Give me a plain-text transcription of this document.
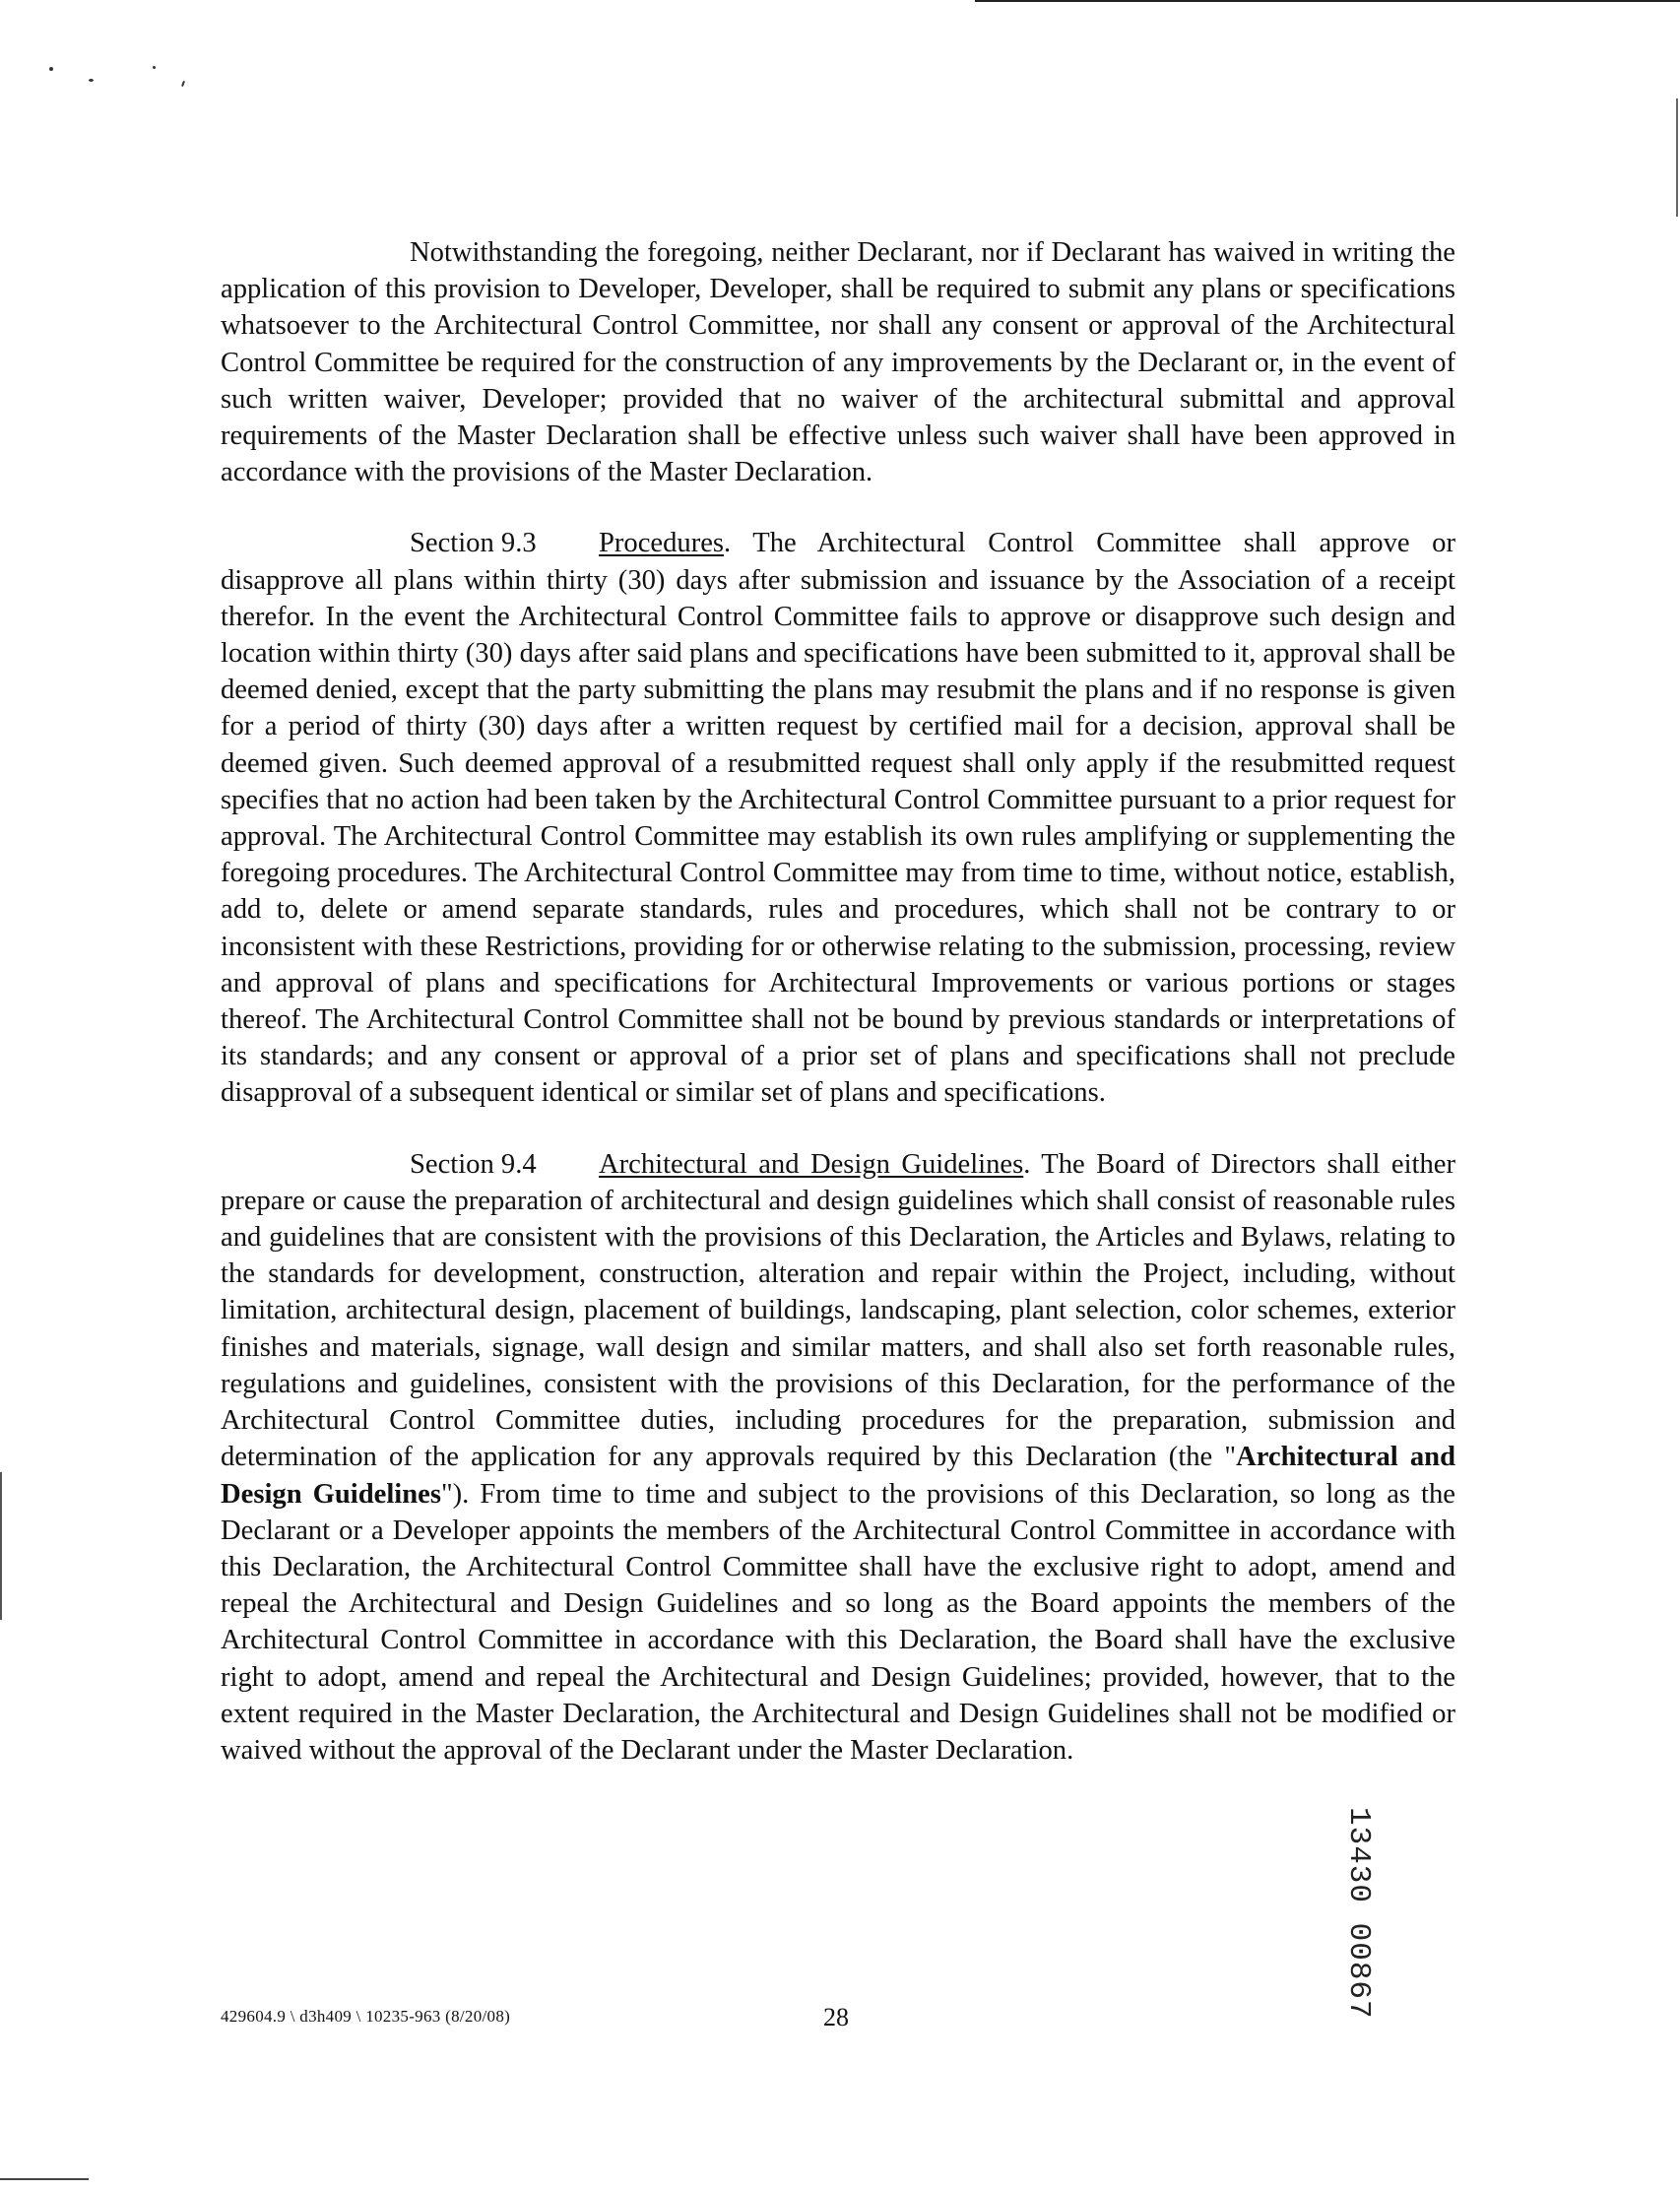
Notwithstanding the foregoing, neither Declarant, nor if Declarant has waived in writing the application of this provision to Developer, Developer, shall be required to submit any plans or specifications whatsoever to the Architectural Control Committee, nor shall any consent or approval of the Architectural Control Committee be required for the construction of any improvements by the Declarant or, in the event of such written waiver, Developer; provided that no waiver of the architectural submittal and approval requirements of the Master Declaration shall be effective unless such waiver shall have been approved in accordance with the provisions of the Master Declaration.

Section 9.3 Procedures. The Architectural Control Committee shall approve or disapprove all plans within thirty (30) days after submission and issuance by the Association of a receipt therefor. In the event the Architectural Control Committee fails to approve or disapprove such design and location within thirty (30) days after said plans and specifications have been submitted to it, approval shall be deemed denied, except that the party submitting the plans may resubmit the plans and if no response is given for a period of thirty (30) days after a written request by certified mail for a decision, approval shall be deemed given. Such deemed approval of a resubmitted request shall only apply if the resubmitted request specifies that no action had been taken by the Architectural Control Committee pursuant to a prior request for approval. The Architectural Control Committee may establish its own rules amplifying or supplementing the foregoing procedures. The Architectural Control Committee may from time to time, without notice, establish, add to, delete or amend separate standards, rules and procedures, which shall not be contrary to or inconsistent with these Restrictions, providing for or otherwise relating to the submission, processing, review and approval of plans and specifications for Architectural Improvements or various portions or stages thereof. The Architectural Control Committee shall not be bound by previous standards or interpretations of its standards; and any consent or approval of a prior set of plans and specifications shall not preclude disapproval of a subsequent identical or similar set of plans and specifications.

Section 9.4 Architectural and Design Guidelines. The Board of Directors shall either prepare or cause the preparation of architectural and design guidelines which shall consist of reasonable rules and guidelines that are consistent with the provisions of this Declaration, the Articles and Bylaws, relating to the standards for development, construction, alteration and repair within the Project, including, without limitation, architectural design, placement of buildings, landscaping, plant selection, color schemes, exterior finishes and materials, signage, wall design and similar matters, and shall also set forth reasonable rules, regulations and guidelines, consistent with the provisions of this Declaration, for the performance of the Architectural Control Committee duties, including procedures for the preparation, submission and determination of the application for any approvals required by this Declaration (the "Architectural and Design Guidelines"). From time to time and subject to the provisions of this Declaration, so long as the Declarant or a Developer appoints the members of the Architectural Control Committee in accordance with this Declaration, the Architectural Control Committee shall have the exclusive right to adopt, amend and repeal the Architectural and Design Guidelines and so long as the Board appoints the members of the Architectural Control Committee in accordance with this Declaration, the Board shall have the exclusive right to adopt, amend and repeal the Architectural and Design Guidelines; provided, however, that to the extent required in the Master Declaration, the Architectural and Design Guidelines shall not be modified or waived without the approval of the Declarant under the Master Declaration.

429604.9 \ d3h409 \ 10235-963 (8/20/08)	28	13430 00867
